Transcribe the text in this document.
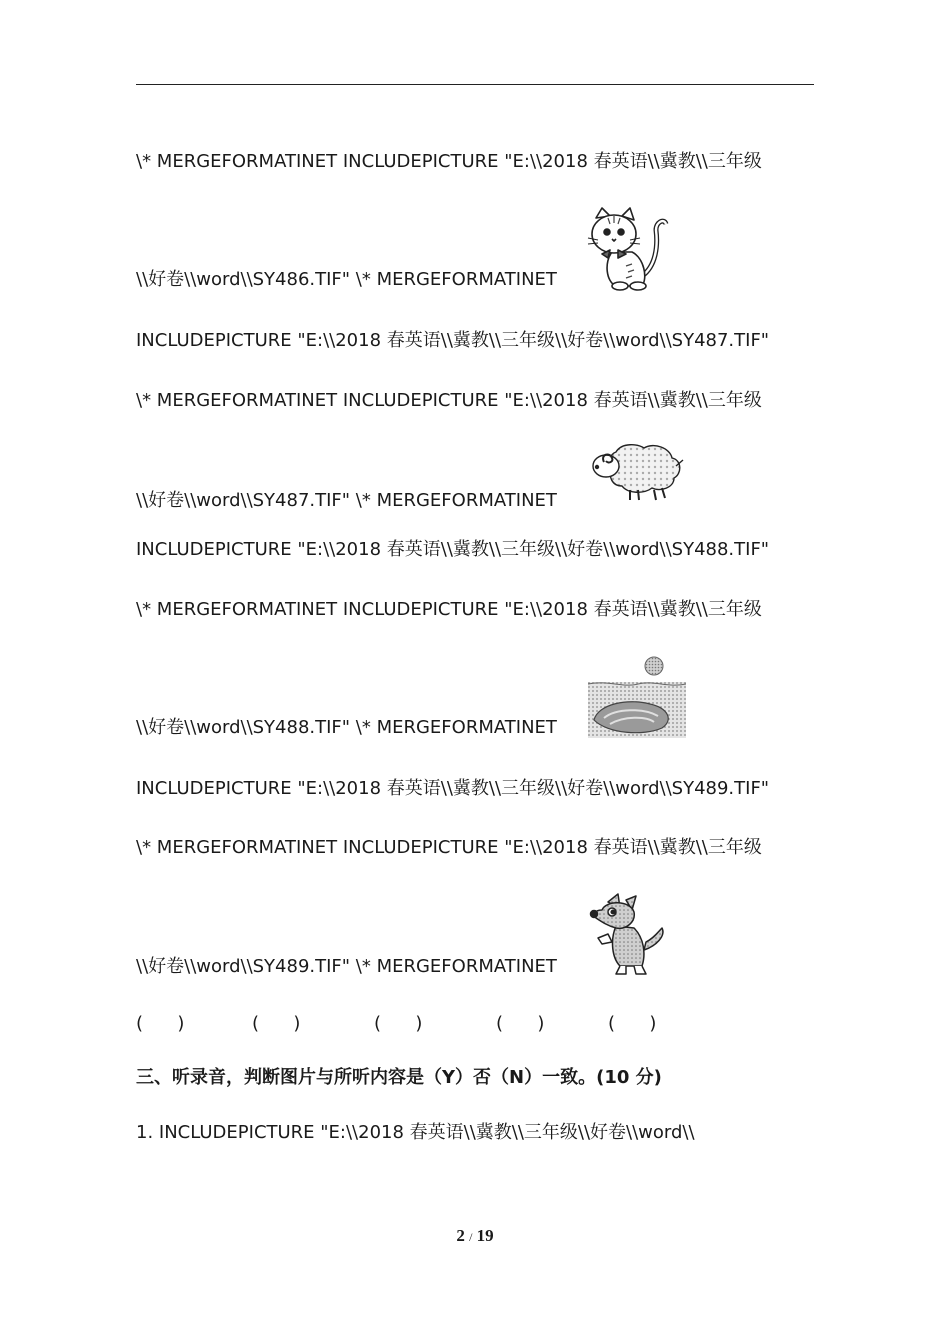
\* MERGEFORMATINET INCLUDEPICTURE "E:\\2018 春英语\\冀教\\三年级
\\好卷\\word\\SY486.TIF" \* MERGEFORMATINET
INCLUDEPICTURE "E:\\2018 春英语\\冀教\\三年级\\好卷\\word\\SY487.TIF"
\* MERGEFORMATINET INCLUDEPICTURE "E:\\2018 春英语\\冀教\\三年级
\\好卷\\word\\SY487.TIF" \* MERGEFORMATINET
INCLUDEPICTURE "E:\\2018 春英语\\冀教\\三年级\\好卷\\word\\SY488.TIF"
\* MERGEFORMATINET INCLUDEPICTURE "E:\\2018 春英语\\冀教\\三年级
\\好卷\\word\\SY488.TIF" \* MERGEFORMATINET
INCLUDEPICTURE "E:\\2018 春英语\\冀教\\三年级\\好卷\\word\\SY489.TIF"
\* MERGEFORMATINET INCLUDEPICTURE "E:\\2018 春英语\\冀教\\三年级
\\好卷\\word\\SY489.TIF" \* MERGEFORMATINET
(      )	(      )	(      )	(      )	(      )
三、听录音，判断图片与所听内容是（Y）否（N）一致。(10 分)
1. INCLUDEPICTURE "E:\\2018 春英语\\冀教\\三年级\\好卷\\word\\
2 / 19
